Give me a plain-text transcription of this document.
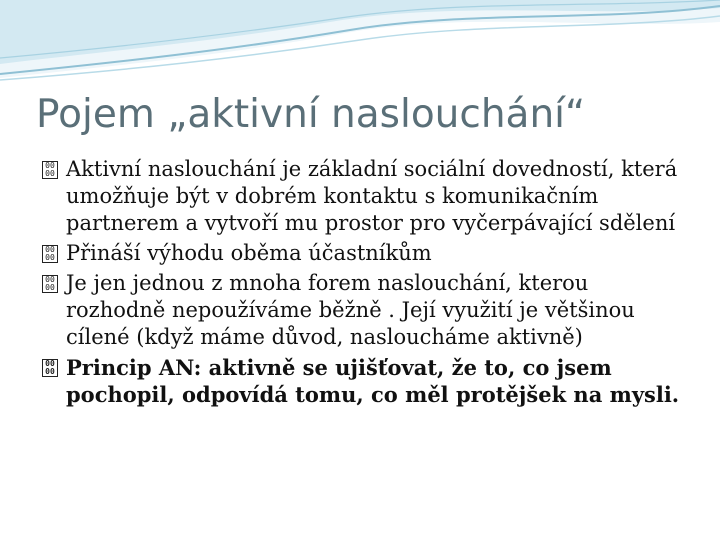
Pojem „aktivní naslouchání“
00
00 Aktivní naslouchání je základní sociální dovedností, která umožňuje být v dobrém kontaktu s komunikačním partnerem a vytvoří mu prostor pro vyčerpávající sdělení
00
00 Přináší výhodu oběma účastníkům
00
00 Je jen jednou z mnoha forem naslouchání, kterou rozhodně nepoužíváme běžně . Její využití je většinou cílené (když máme důvod, nasloucháme aktivně)
00
00 Princip AN: aktivně se ujišťovat, že to, co jsem pochopil, odpovídá tomu, co měl protějšek na mysli.
